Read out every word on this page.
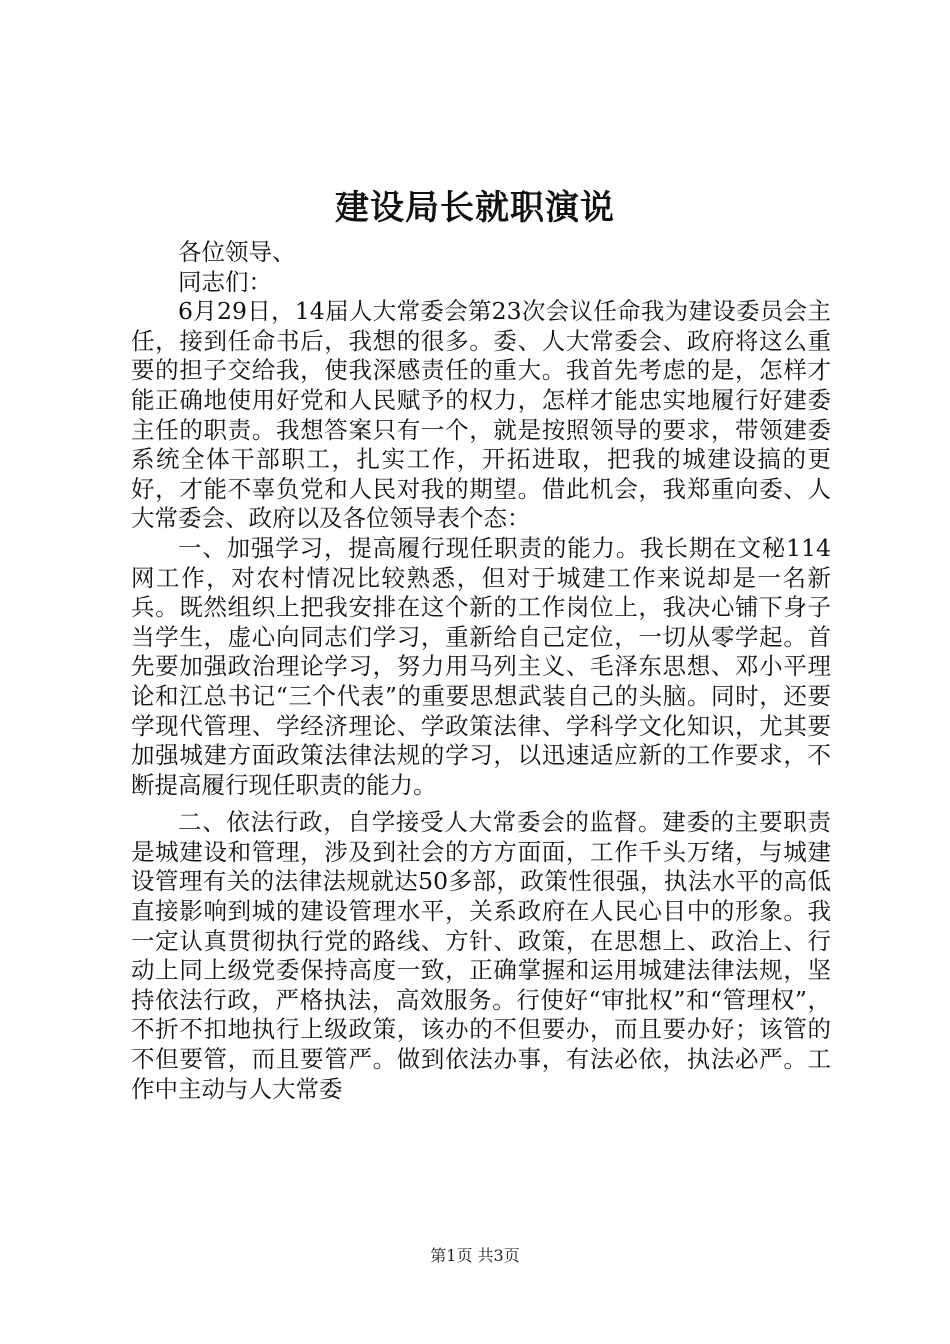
建设局长就职演说

各位领导、

同志们：

6月29日，14届人大常委会第23次会议任命我为建设委员会主任，接到任命书后，我想的很多。委、人大常委会、政府将这么重要的担子交给我，使我深感责任的重大。我首先考虑的是，怎样才能正确地使用好党和人民赋予的权力，怎样才能忠实地履行好建委主任的职责。我想答案只有一个，就是按照领导的要求，带领建委系统全体干部职工，扎实工作，开拓进取，把我的城建设搞的更好，才能不辜负党和人民对我的期望。借此机会，我郑重向委、人大常委会、政府以及各位领导表个态：

一、加强学习，提高履行现任职责的能力。我长期在文秘114网工作，对农村情况比较熟悉，但对于城建工作来说却是一名新兵。既然组织上把我安排在这个新的工作岗位上，我决心铺下身子当学生，虚心向同志们学习，重新给自己定位，一切从零学起。首先要加强政治理论学习，努力用马列主义、毛泽东思想、邓小平理论和江总书记“三个代表”的重要思想武装自己的头脑。同时，还要学现代管理、学经济理论、学政策法律、学科学文化知识，尤其要加强城建方面政策法律法规的学习，以迅速适应新的工作要求，不断提高履行现任职责的能力。

二、依法行政，自学接受人大常委会的监督。建委的主要职责是城建设和管理，涉及到社会的方方面面，工作千头万绪，与城建设管理有关的法律法规就达50多部，政策性很强，执法水平的高低直接影响到城的建设管理水平，关系政府在人民心目中的形象。我一定认真贯彻执行党的路线、方针、政策，在思想上、政治上、行动上同上级党委保持高度一致，正确掌握和运用城建法律法规，坚持依法行政，严格执法，高效服务。行使好“审批权”和“管理权”，不折不扣地执行上级政策，该办的不但要办，而且要办好；该管的不但要管，而且要管严。做到依法办事，有法必依，执法必严。工作中主动与人大常委

第1页 共3页
